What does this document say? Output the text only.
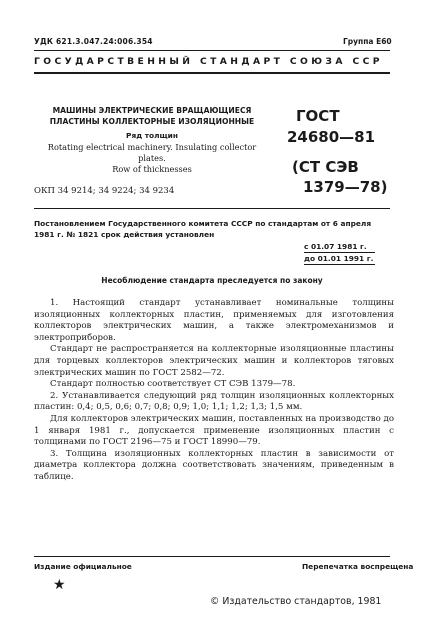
УДК 621.3.047.24:006.354	Группа Е60
ГОСУДАРСТВЕННЫЙ СТАНДАРТ СОЮЗА ССР
МАШИНЫ ЭЛЕКТРИЧЕСКИЕ ВРАЩАЮЩИЕСЯ
ПЛАСТИНЫ КОЛЛЕКТОРНЫЕ ИЗОЛЯЦИОННЫЕ
Ряд толщин
Rotating electrical machinery. Insulating collector plates.
Row of thicknesses
ОКП 34 9214; 34 9224; 34 9234
ГОСТ
24680—81
(СТ СЭВ
1379—78)
Постановлением Государственного комитета СССР по стандартам от 6 апреля
1981 г. № 1821 срок действия установлен
с 01.07 1981 г.
до 01.01 1991 г.
Несоблюдение стандарта преследуется по закону

1. Настоящий стандарт устанавливает номинальные толщины изоляционных коллекторных пластин, применяемых для изготовления коллекторов электрических машин, а также электромеханизмов и электроприборов.

Стандарт не распространяется на коллекторные изоляционные пластины для торцевых коллекторов электрических машин и коллекторов тяговых электрических машин по ГОСТ 2582—72.

Стандарт полностью соответствует СТ СЭВ 1379—78.

2. Устанавливается следующий ряд толщин изоляционных коллекторных пластин: 0,4; 0,5, 0,6; 0,7; 0,8; 0,9; 1,0; 1,1; 1,2; 1,3; 1,5 мм.

Для коллекторов электрических машин, поставленных на производство до 1 января 1981 г., допускается применение изоляционных пластин с толщинами по ГОСТ 2196—75 и ГОСТ 18990—79.

3. Толщина изоляционных коллекторных пластин в зависимости от диаметра коллектора должна соответствовать значениям, приведенным в таблице.

Издание официальное	Перепечатка воспрещена
★
© Издательство стандартов, 1981
